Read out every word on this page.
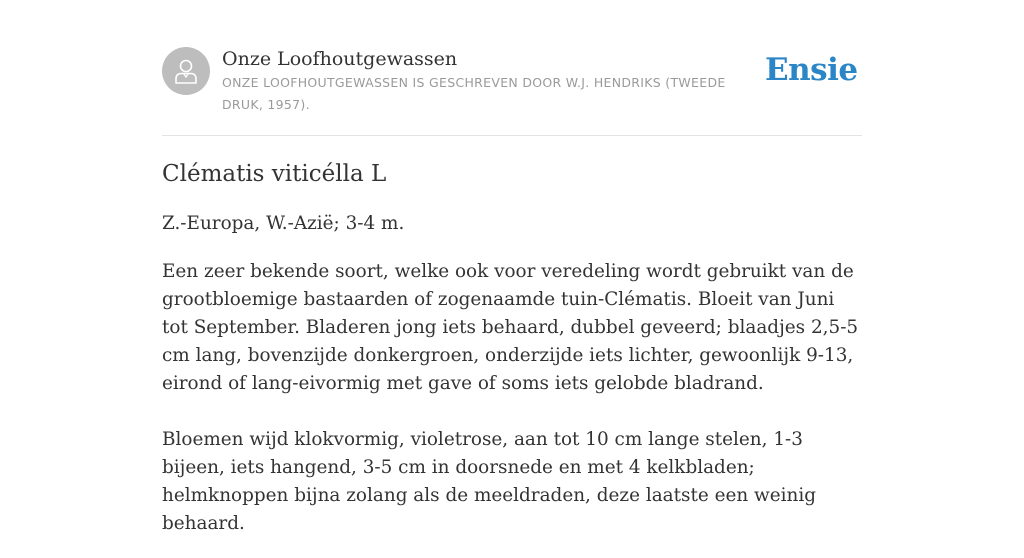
Onze Loofhoutgewassen
ONZE LOOFHOUTGEWASSEN IS GESCHREVEN DOOR W.J. HENDRIKS (TWEEDE DRUK, 1957).
Ensie
Clématis viticélla L

Z.-Europa, W.-Azië; 3-4 m.

Een zeer bekende soort, welke ook voor veredeling wordt gebruikt van de grootbloemige bastaarden of zogenaamde tuin-Clématis. Bloeit van Juni tot September. Bladeren jong iets behaard, dubbel geveerd; blaadjes 2,5-5 cm lang, bovenzijde donkergroen, onderzijde iets lichter, gewoonlijk 9-13, eirond of lang-eivormig met gave of soms iets gelobde bladrand.

Bloemen wijd klokvormig, violetrose, aan tot 10 cm lange stelen, 1-3 bijeen, iets hangend, 3-5 cm in doorsnede en met 4 kelkbladen; helmknoppen bijna zolang als de meeldraden, deze laatste een weinig behaard.
